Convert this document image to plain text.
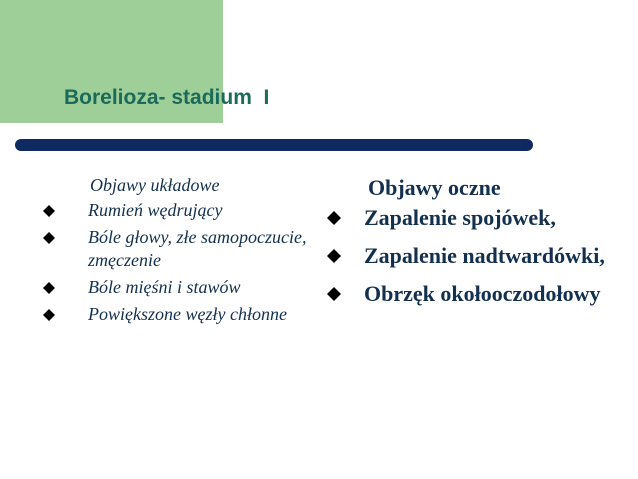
Borelioza- stadium  I
Objawy układowe
Rumień wędrujący
Bóle głowy, złe samopoczucie, zmęczenie
Bóle mięśni i stawów
Powiększone węzły chłonne
Objawy oczne
Zapalenie spojówek,
Zapalenie nadtwardówki,
Obrzęk okołooczodołowy
